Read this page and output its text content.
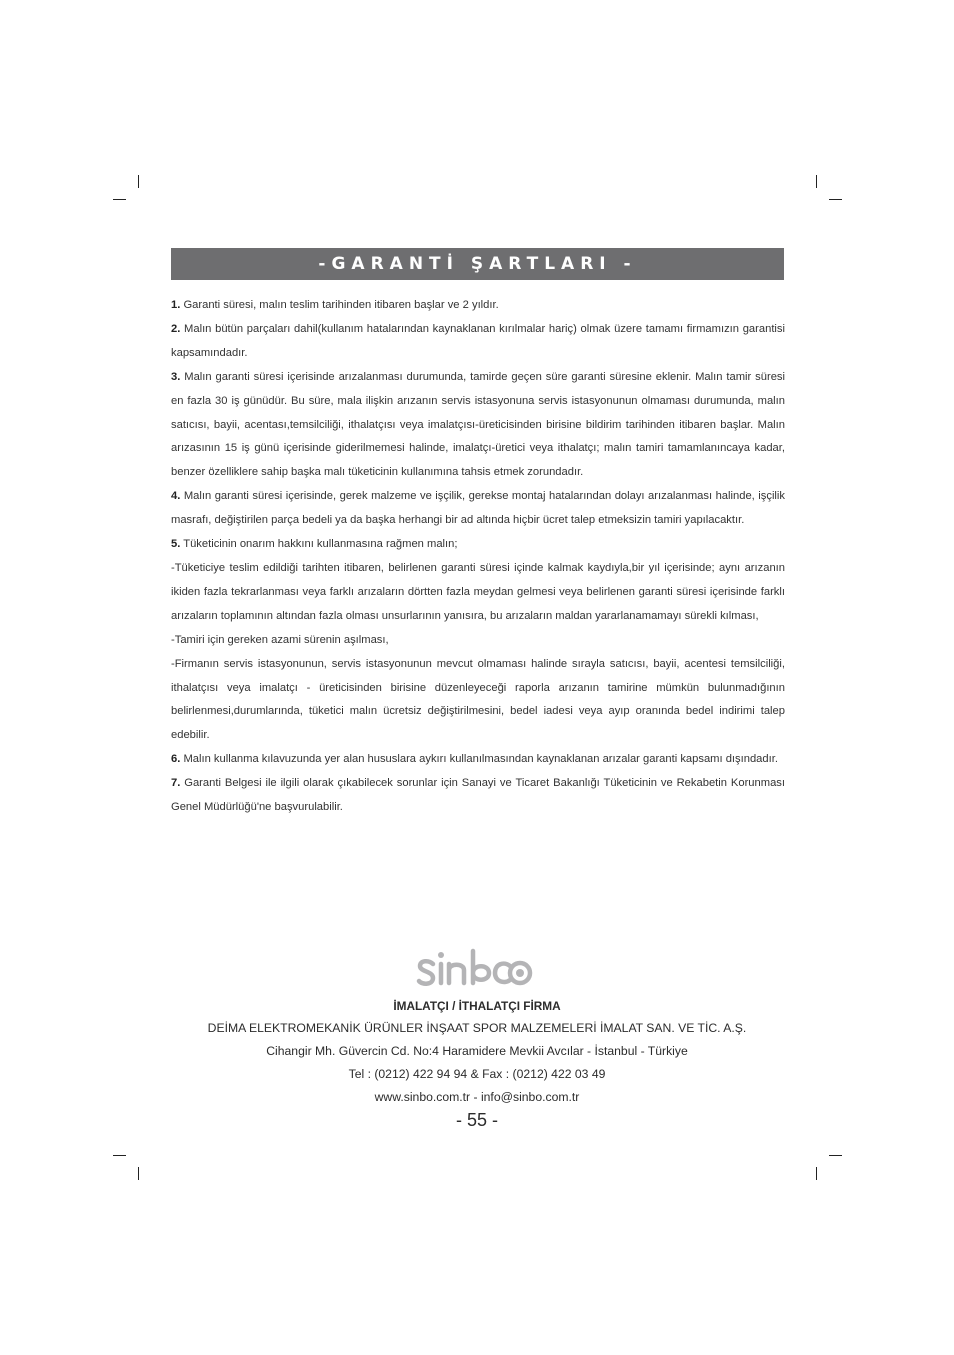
-GARANTİ ŞARTLARI -

1. Garanti süresi, malın teslim tarihinden itibaren başlar ve 2 yıldır.

2. Malın bütün parçaları dahil(kullanım hatalarından kaynaklanan kırılmalar hariç) olmak üzere tamamı firmamızın garantisi kapsamındadır.

3. Malın garanti süresi içerisinde arızalanması durumunda, tamirde geçen süre garanti süresine eklenir. Malın tamir süresi en fazla 30 iş günüdür. Bu süre, mala ilişkin arızanın servis istasyonuna servis istasyonunun olmaması durumunda, malın satıcısı, bayii, acentası,temsilciliği, ithalatçısı veya imalatçısı-üreticisinden birisine bildirim tarihinden itibaren başlar. Malın arızasının 15 iş günü içerisinde giderilmemesi halinde, imalatçı-üretici veya ithalatçı; malın tamiri tamamlanıncaya kadar, benzer özelliklere sahip başka malı tüketicinin kullanımına tahsis etmek zorundadır.

4. Malın garanti süresi içerisinde, gerek malzeme ve işçilik, gerekse montaj hatalarından dolayı arızalanması halinde, işçilik masrafı, değiştirilen parça bedeli ya da başka herhangi bir ad altında hiçbir ücret talep etmeksizin tamiri yapılacaktır.

5. Tüketicinin onarım hakkını kullanmasına rağmen malın;

-Tüketiciye teslim edildiği tarihten itibaren, belirlenen garanti süresi içinde kalmak kaydıyla,bir yıl içerisinde; aynı arızanın ikiden fazla tekrarlanması veya farklı arızaların dörtten fazla meydan gelmesi veya belirlenen garanti süresi içerisinde farklı arızaların toplamının altından fazla olması unsurlarının yanısıra, bu arızaların maldan yararlanamamayı sürekli kılması,

-Tamiri için gereken azami sürenin aşılması,

-Firmanın servis istasyonunun, servis istasyonunun mevcut olmaması halinde sırayla satıcısı, bayii, acentesi temsilciliği, ithalatçısı veya imalatçı - üreticisinden birisine düzenleyeceği raporla arızanın tamirine mümkün bulunmadığının belirlenmesi,durumlarında, tüketici malın ücretsiz değiştirilmesini, bedel iadesi veya ayıp oranında bedel indirimi talep edebilir.

6. Malın kullanma kılavuzunda yer alan hususlara aykırı kullanılmasından kaynaklanan arızalar garanti kapsamı dışındadır.

7. Garanti Belgesi ile ilgili olarak çıkabilecek sorunlar için Sanayi ve Ticaret Bakanlığı Tüketicinin ve Rekabetin Korunması Genel Müdürlüğü'ne başvurulabilir.

İMALATÇI / İTHALATÇI FİRMA
DEİMA ELEKTROMEKANİK ÜRÜNLER İNŞAAT SPOR MALZEMELERİ İMALAT SAN. VE TİC. A.Ş.
Cihangir Mh. Güvercin Cd. No:4 Haramidere Mevkii Avcılar - İstanbul - Türkiye
Tel : (0212) 422 94 94 & Fax : (0212) 422 03 49
www.sinbo.com.tr - info@sinbo.com.tr
- 55 -
